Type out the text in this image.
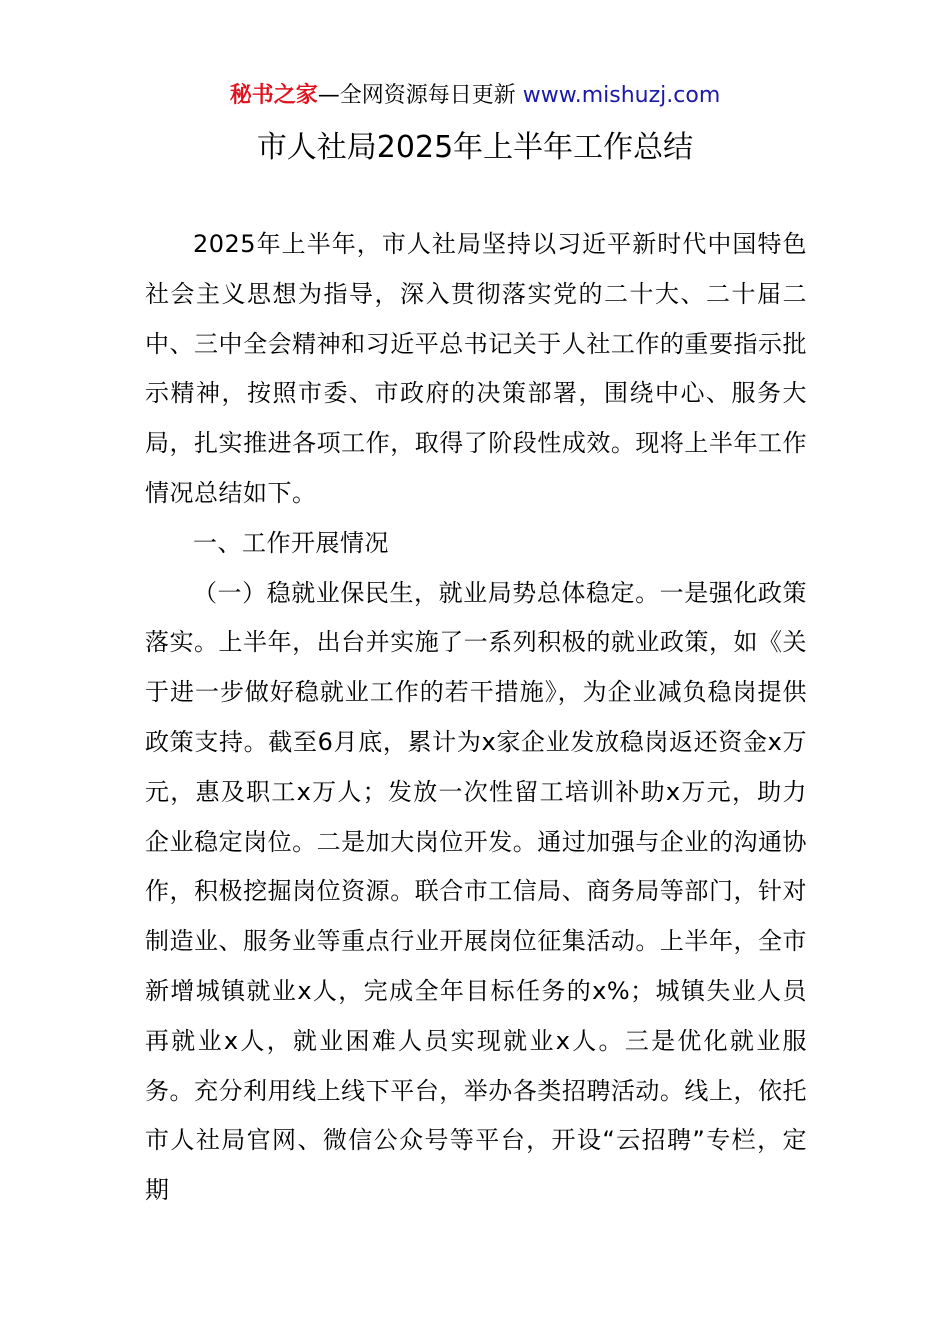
秘书之家—全网资源每日更新 www.mishuzj.com
市人社局2025年上半年工作总结

2025年上半年，市人社局坚持以习近平新时代中国特色社会主义思想为指导，深入贯彻落实党的二十大、二十届二中、三中全会精神和习近平总书记关于人社工作的重要指示批示精神，按照市委、市政府的决策部署，围绕中心、服务大局，扎实推进各项工作，取得了阶段性成效。现将上半年工作情况总结如下。

一、工作开展情况

（一）稳就业保民生，就业局势总体稳定。一是强化政策落实。上半年，出台并实施了一系列积极的就业政策，如《关于进一步做好稳就业工作的若干措施》，为企业减负稳岗提供政策支持。截至6月底，累计为x家企业发放稳岗返还资金x万元，惠及职工x万人；发放一次性留工培训补助x万元，助力企业稳定岗位。二是加大岗位开发。通过加强与企业的沟通协作，积极挖掘岗位资源。联合市工信局、商务局等部门，针对制造业、服务业等重点行业开展岗位征集活动。上半年，全市新增城镇就业x人，完成全年目标任务的x%；城镇失业人员再就业x人，就业困难人员实现就业x人。三是优化就业服务。充分利用线上线下平台，举办各类招聘活动。线上，依托市人社局官网、微信公众号等平台，开设“云招聘”专栏，定期
